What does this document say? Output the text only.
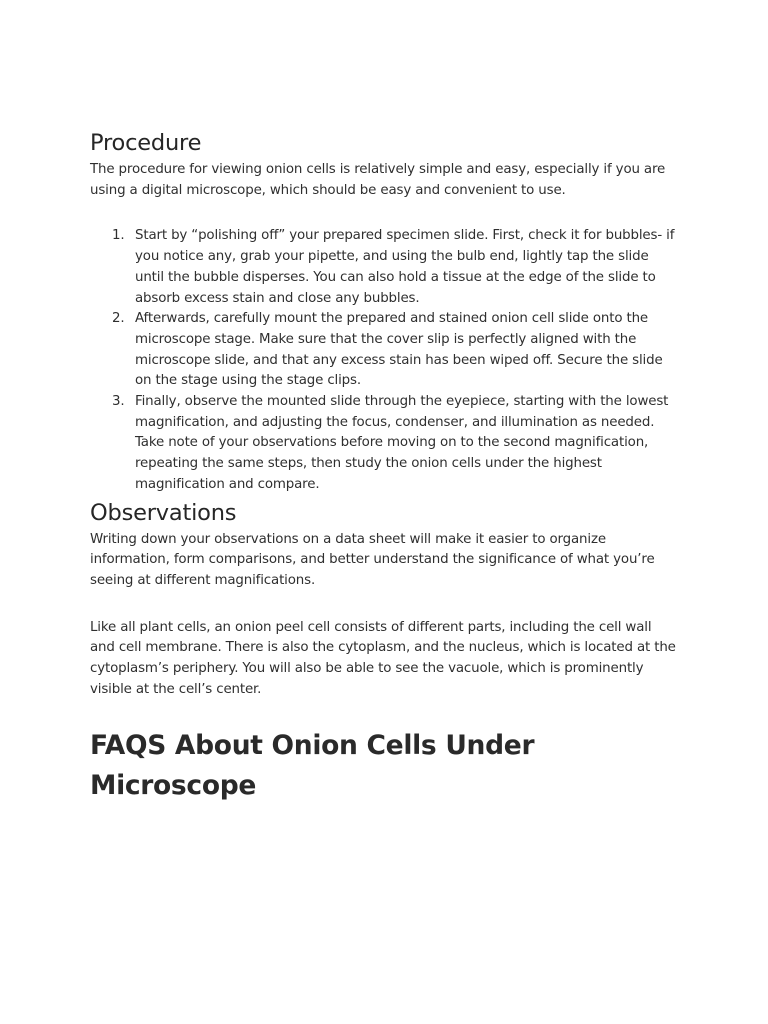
Procedure

The procedure for viewing onion cells is relatively simple and easy, especially if you are using a digital microscope, which should be easy and convenient to use.

1. Start by “polishing off” your prepared specimen slide. First, check it for bubbles- if you notice any, grab your pipette, and using the bulb end, lightly tap the slide until the bubble disperses. You can also hold a tissue at the edge of the slide to absorb excess stain and close any bubbles.
2. Afterwards, carefully mount the prepared and stained onion cell slide onto the microscope stage. Make sure that the cover slip is perfectly aligned with the microscope slide, and that any excess stain has been wiped off. Secure the slide on the stage using the stage clips.
3. Finally, observe the mounted slide through the eyepiece, starting with the lowest magnification, and adjusting the focus, condenser, and illumination as needed. Take note of your observations before moving on to the second magnification, repeating the same steps, then study the onion cells under the highest magnification and compare.
Observations

Writing down your observations on a data sheet will make it easier to organize information, form comparisons, and better understand the significance of what you’re seeing at different magnifications.

Like all plant cells, an onion peel cell consists of different parts, including the cell wall and cell membrane. There is also the cytoplasm, and the nucleus, which is located at the cytoplasm’s periphery. You will also be able to see the vacuole, which is prominently visible at the cell’s center.

FAQS About Onion Cells Under Microscope
